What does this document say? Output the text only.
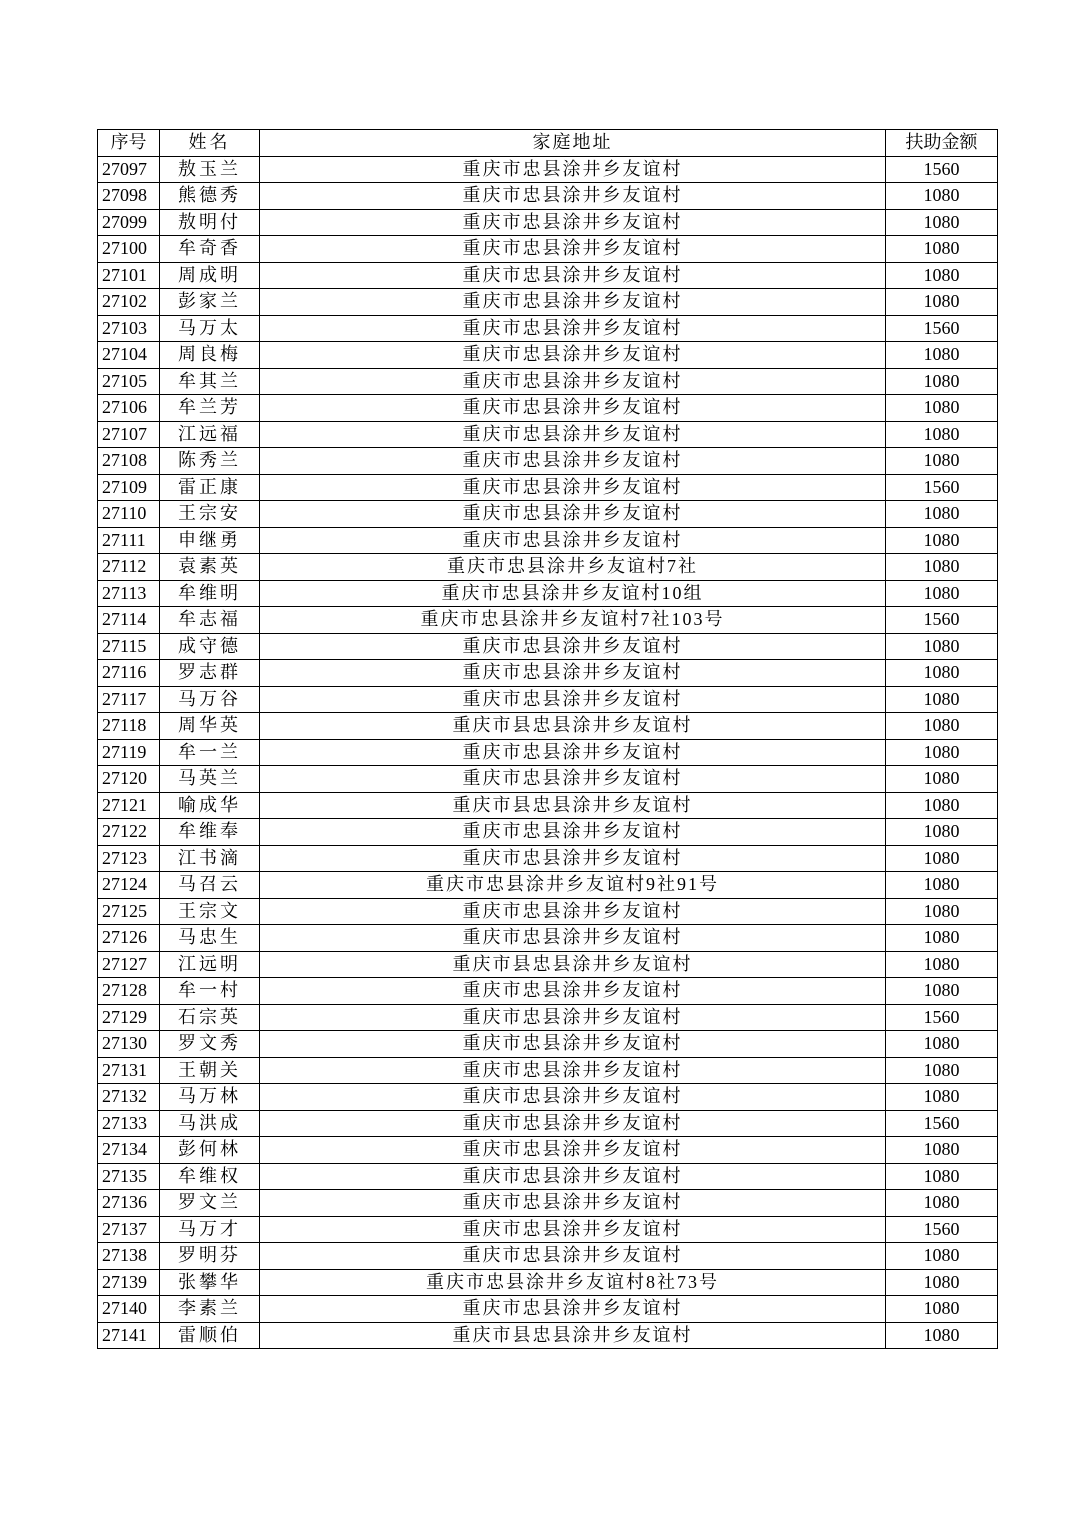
序号	姓名	家庭地址	扶助金额
27097	敖玉兰	重庆市忠县涂井乡友谊村	1560
27098	熊德秀	重庆市忠县涂井乡友谊村	1080
27099	敖明付	重庆市忠县涂井乡友谊村	1080
27100	牟奇香	重庆市忠县涂井乡友谊村	1080
27101	周成明	重庆市忠县涂井乡友谊村	1080
27102	彭家兰	重庆市忠县涂井乡友谊村	1080
27103	马万太	重庆市忠县涂井乡友谊村	1560
27104	周良梅	重庆市忠县涂井乡友谊村	1080
27105	牟其兰	重庆市忠县涂井乡友谊村	1080
27106	牟兰芳	重庆市忠县涂井乡友谊村	1080
27107	江远福	重庆市忠县涂井乡友谊村	1080
27108	陈秀兰	重庆市忠县涂井乡友谊村	1080
27109	雷正康	重庆市忠县涂井乡友谊村	1560
27110	王宗安	重庆市忠县涂井乡友谊村	1080
27111	申继勇	重庆市忠县涂井乡友谊村	1080
27112	袁素英	重庆市忠县涂井乡友谊村7社	1080
27113	牟维明	重庆市忠县涂井乡友谊村10组	1080
27114	牟志福	重庆市忠县涂井乡友谊村7社103号	1560
27115	成守德	重庆市忠县涂井乡友谊村	1080
27116	罗志群	重庆市忠县涂井乡友谊村	1080
27117	马万谷	重庆市忠县涂井乡友谊村	1080
27118	周华英	重庆市县忠县涂井乡友谊村	1080
27119	牟一兰	重庆市忠县涂井乡友谊村	1080
27120	马英兰	重庆市忠县涂井乡友谊村	1080
27121	喻成华	重庆市县忠县涂井乡友谊村	1080
27122	牟维奉	重庆市忠县涂井乡友谊村	1080
27123	江书滴	重庆市忠县涂井乡友谊村	1080
27124	马召云	重庆市忠县涂井乡友谊村9社91号	1080
27125	王宗文	重庆市忠县涂井乡友谊村	1080
27126	马忠生	重庆市忠县涂井乡友谊村	1080
27127	江远明	重庆市县忠县涂井乡友谊村	1080
27128	牟一村	重庆市忠县涂井乡友谊村	1080
27129	石宗英	重庆市忠县涂井乡友谊村	1560
27130	罗文秀	重庆市忠县涂井乡友谊村	1080
27131	王朝关	重庆市忠县涂井乡友谊村	1080
27132	马万林	重庆市忠县涂井乡友谊村	1080
27133	马洪成	重庆市忠县涂井乡友谊村	1560
27134	彭何林	重庆市忠县涂井乡友谊村	1080
27135	牟维权	重庆市忠县涂井乡友谊村	1080
27136	罗文兰	重庆市忠县涂井乡友谊村	1080
27137	马万才	重庆市忠县涂井乡友谊村	1560
27138	罗明芬	重庆市忠县涂井乡友谊村	1080
27139	张攀华	重庆市忠县涂井乡友谊村8社73号	1080
27140	李素兰	重庆市忠县涂井乡友谊村	1080
27141	雷顺伯	重庆市县忠县涂井乡友谊村	1080
